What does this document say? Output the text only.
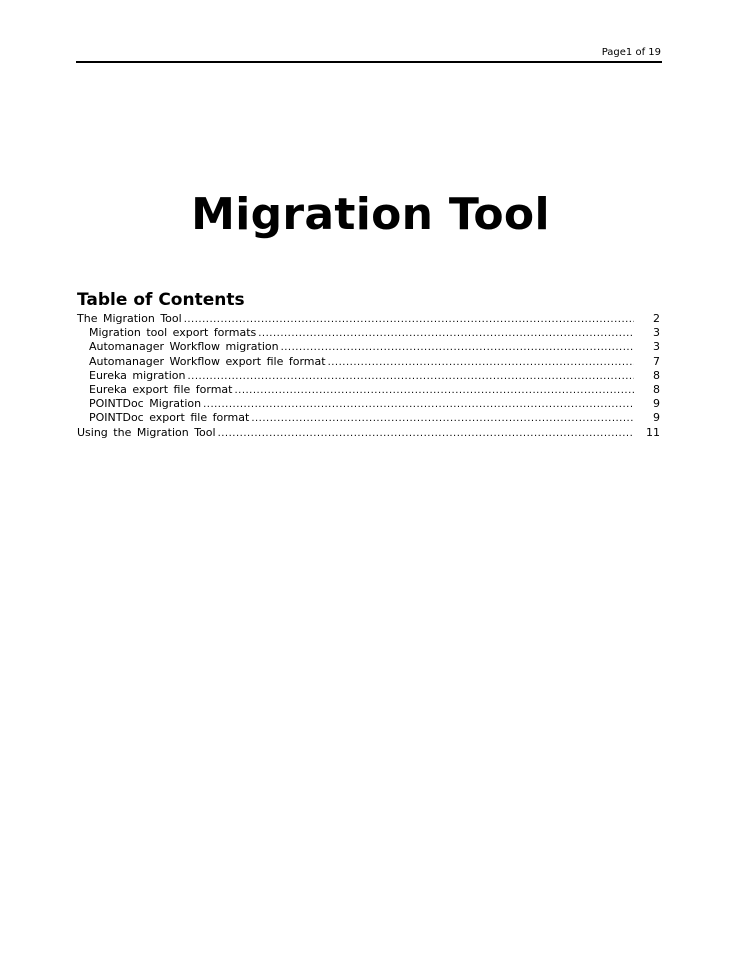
Page1 of 19
Migration Tool
Table of Contents
The Migration Tool .....	2
Migration tool export formats .....	3
Automanager Workflow migration .....	3
Automanager Workflow export file format .....	7
Eureka migration .....	8
Eureka export file format .....	8
POINTDoc Migration .....	9
POINTDoc export file format .....	9
Using the Migration Tool .....	11
